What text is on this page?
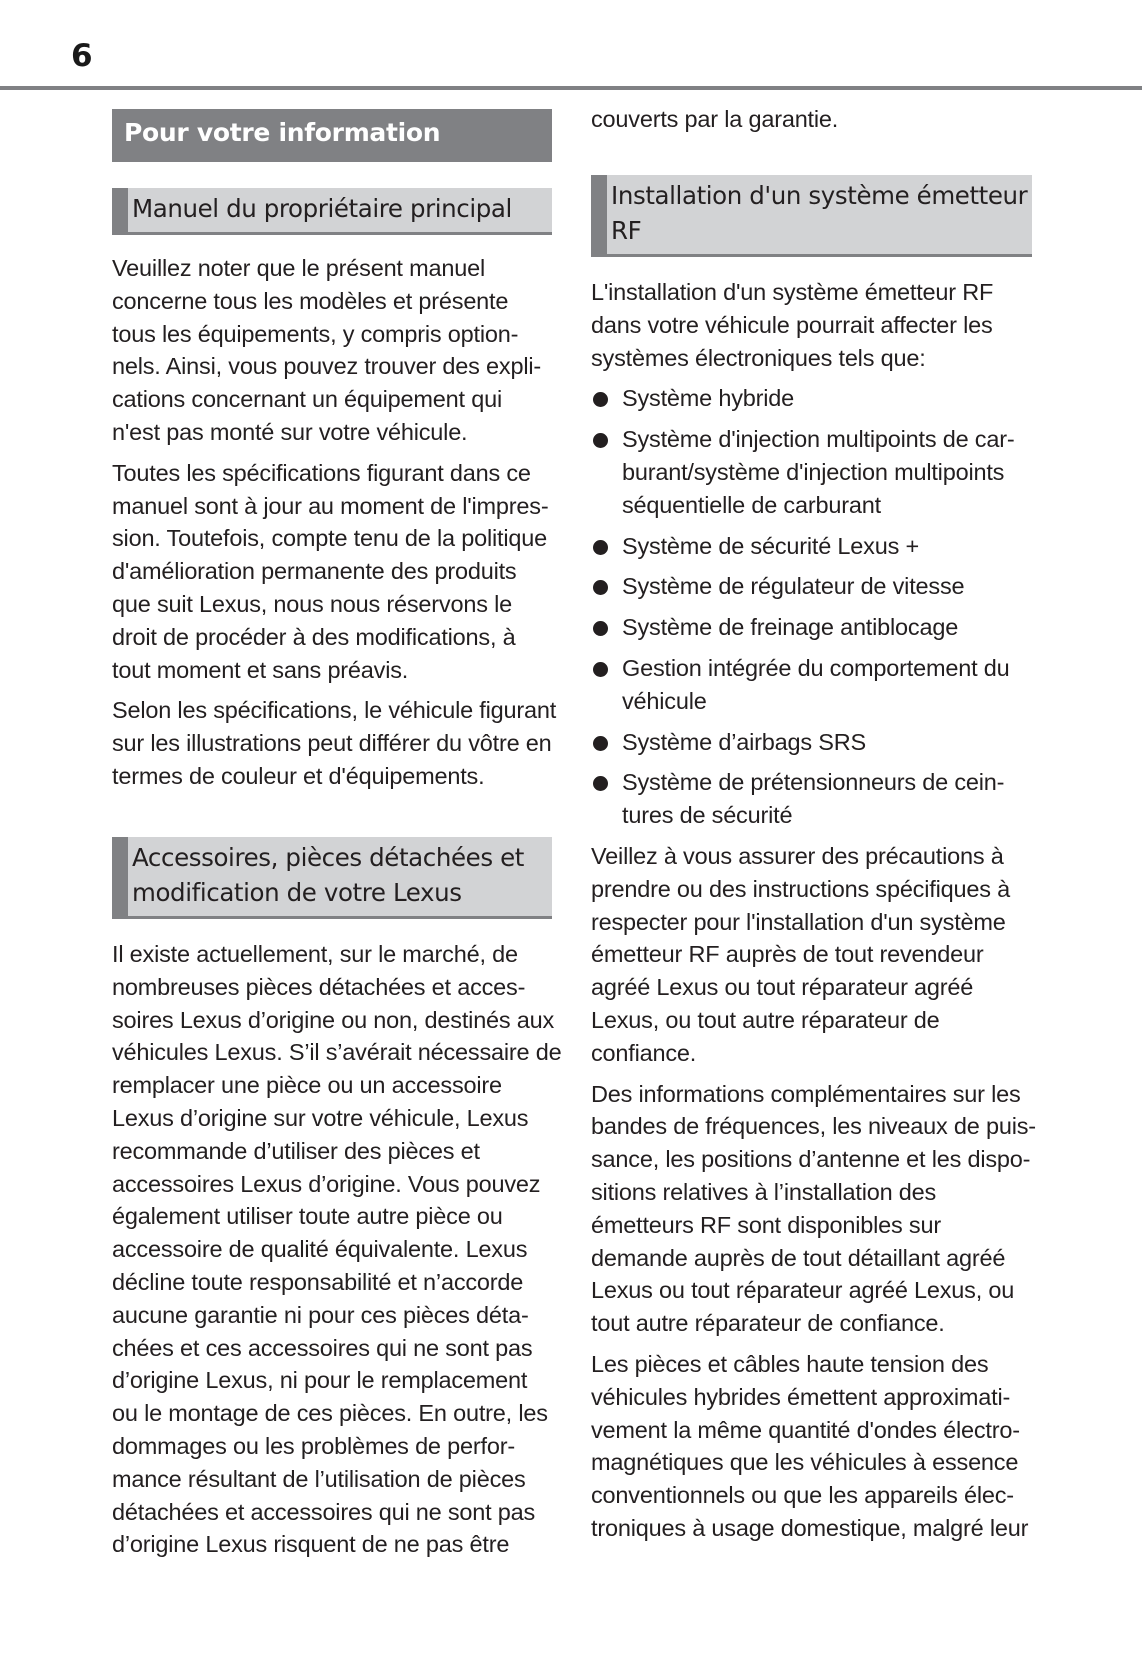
6
Pour votre information
Manuel du propriétaire principal

Veuillez noter que le présent manuel
concerne tous les modèles et présente
tous les équipements, y compris option-
nels. Ainsi, vous pouvez trouver des expli-
cations concernant un équipement qui
n'est pas monté sur votre véhicule.

Toutes les spécifications figurant dans ce
manuel sont à jour au moment de l'impres-
sion. Toutefois, compte tenu de la politique
d'amélioration permanente des produits
que suit Lexus, nous nous réservons le
droit de procéder à des modifications, à
tout moment et sans préavis.

Selon les spécifications, le véhicule figurant
sur les illustrations peut différer du vôtre en
termes de couleur et d'équipements.

Accessoires, pièces détachées et
modification de votre Lexus

Il existe actuellement, sur le marché, de
nombreuses pièces détachées et acces-
soires Lexus d’origine ou non, destinés aux
véhicules Lexus. S’il s’avérait nécessaire de
remplacer une pièce ou un accessoire
Lexus d’origine sur votre véhicule, Lexus
recommande d’utiliser des pièces et
accessoires Lexus d’origine. Vous pouvez
également utiliser toute autre pièce ou
accessoire de qualité équivalente. Lexus
décline toute responsabilité et n’accorde
aucune garantie ni pour ces pièces déta-
chées et ces accessoires qui ne sont pas
d’origine Lexus, ni pour le remplacement
ou le montage de ces pièces. En outre, les
dommages ou les problèmes de perfor-
mance résultant de l’utilisation de pièces
détachées et accessoires qui ne sont pas
d’origine Lexus risquent de ne pas être

couverts par la garantie.
Installation d'un système émetteur
RF

L'installation d'un système émetteur RF
dans votre véhicule pourrait affecter les
systèmes électroniques tels que:

Système hybride
Système d'injection multipoints de car-
burant/système d'injection multipoints
séquentielle de carburant
Système de sécurité Lexus +
Système de régulateur de vitesse
Système de freinage antiblocage
Gestion intégrée du comportement du
véhicule
Système d’airbags SRS
Système de prétensionneurs de cein-
tures de sécurité

Veillez à vous assurer des précautions à
prendre ou des instructions spécifiques à
respecter pour l'installation d'un système
émetteur RF auprès de tout revendeur
agréé Lexus ou tout réparateur agréé
Lexus, ou tout autre réparateur de
confiance.

Des informations complémentaires sur les
bandes de fréquences, les niveaux de puis-
sance, les positions d’antenne et les dispo-
sitions relatives à l’installation des
émetteurs RF sont disponibles sur
demande auprès de tout détaillant agréé
Lexus ou tout réparateur agréé Lexus, ou
tout autre réparateur de confiance.

Les pièces et câbles haute tension des
véhicules hybrides émettent approximati-
vement la même quantité d'ondes électro-
magnétiques que les véhicules à essence
conventionnels ou que les appareils élec-
troniques à usage domestique, malgré leur
